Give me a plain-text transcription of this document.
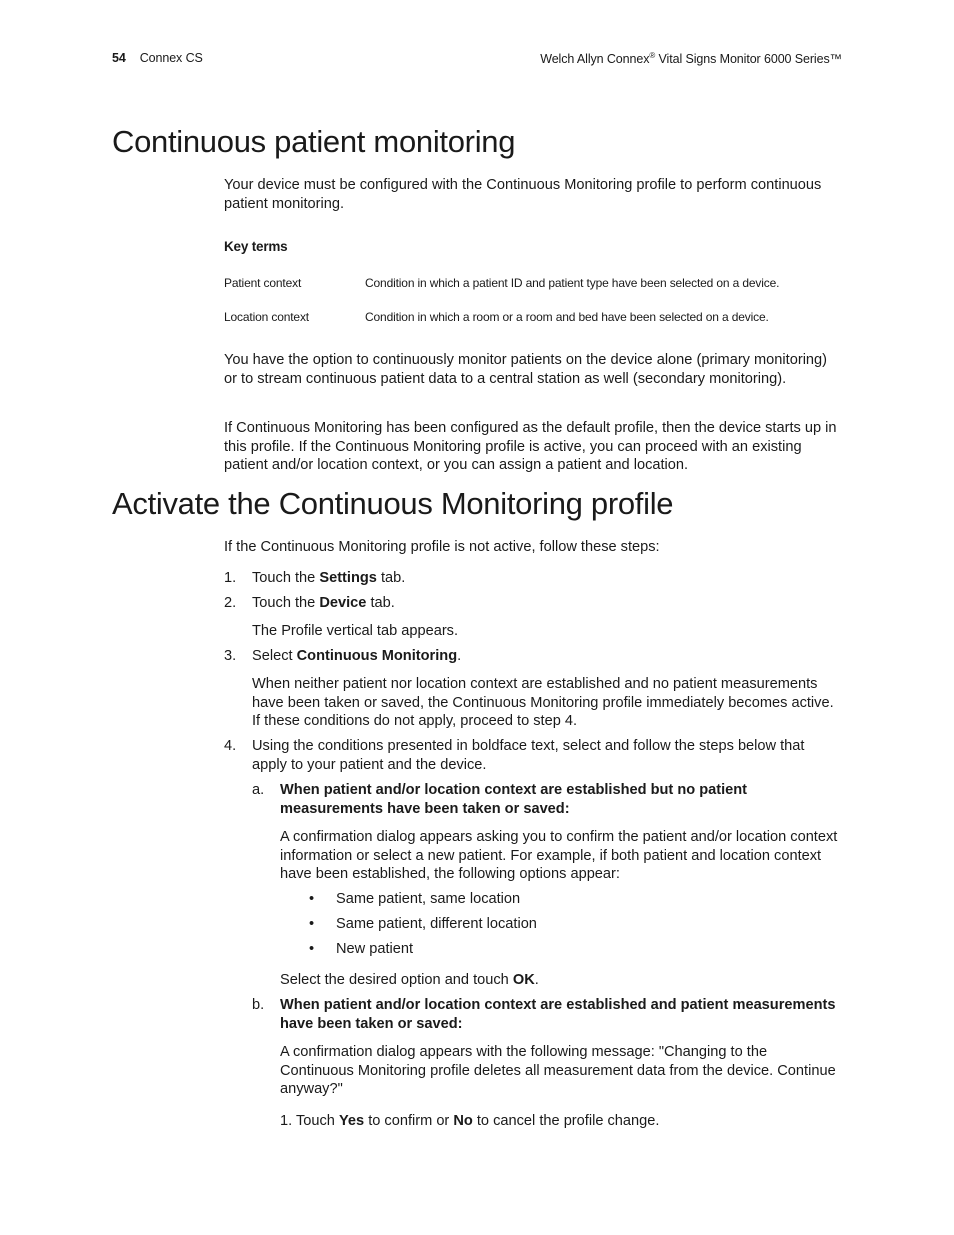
54 Connex CS	Welch Allyn Connex® Vital Signs Monitor 6000 Series™
Continuous patient monitoring

Your device must be configured with the Continuous Monitoring profile to perform continuous patient monitoring.

Key terms

Patient context	Condition in which a patient ID and patient type have been selected on a device.
Location context	Condition in which a room or a room and bed have been selected on a device.

You have the option to continuously monitor patients on the device alone (primary monitoring) or to stream continuous patient data to a central station as well (secondary monitoring).

If Continuous Monitoring has been configured as the default profile, then the device starts up in this profile. If the Continuous Monitoring profile is active, you can proceed with an existing patient and/or location context, or you can assign a patient and location.

Activate the Continuous Monitoring profile

If the Continuous Monitoring profile is not active, follow these steps:

1. Touch the Settings tab.

2. Touch the Device tab.

The Profile vertical tab appears.

3. Select Continuous Monitoring.

When neither patient nor location context are established and no patient measurements have been taken or saved, the Continuous Monitoring profile immediately becomes active. If these conditions do not apply, proceed to step 4.

4. Using the conditions presented in boldface text, select and follow the steps below that apply to your patient and the device.

a. When patient and/or location context are established but no patient measurements have been taken or saved:

A confirmation dialog appears asking you to confirm the patient and/or location context information or select a new patient. For example, if both patient and location context have been established, the following options appear:

• Same patient, same location
• Same patient, different location
• New patient

Select the desired option and touch OK.

b. When patient and/or location context are established and patient measurements have been taken or saved:

A confirmation dialog appears with the following message: "Changing to the Continuous Monitoring profile deletes all measurement data from the device. Continue anyway?"

1. Touch Yes to confirm or No to cancel the profile change.
